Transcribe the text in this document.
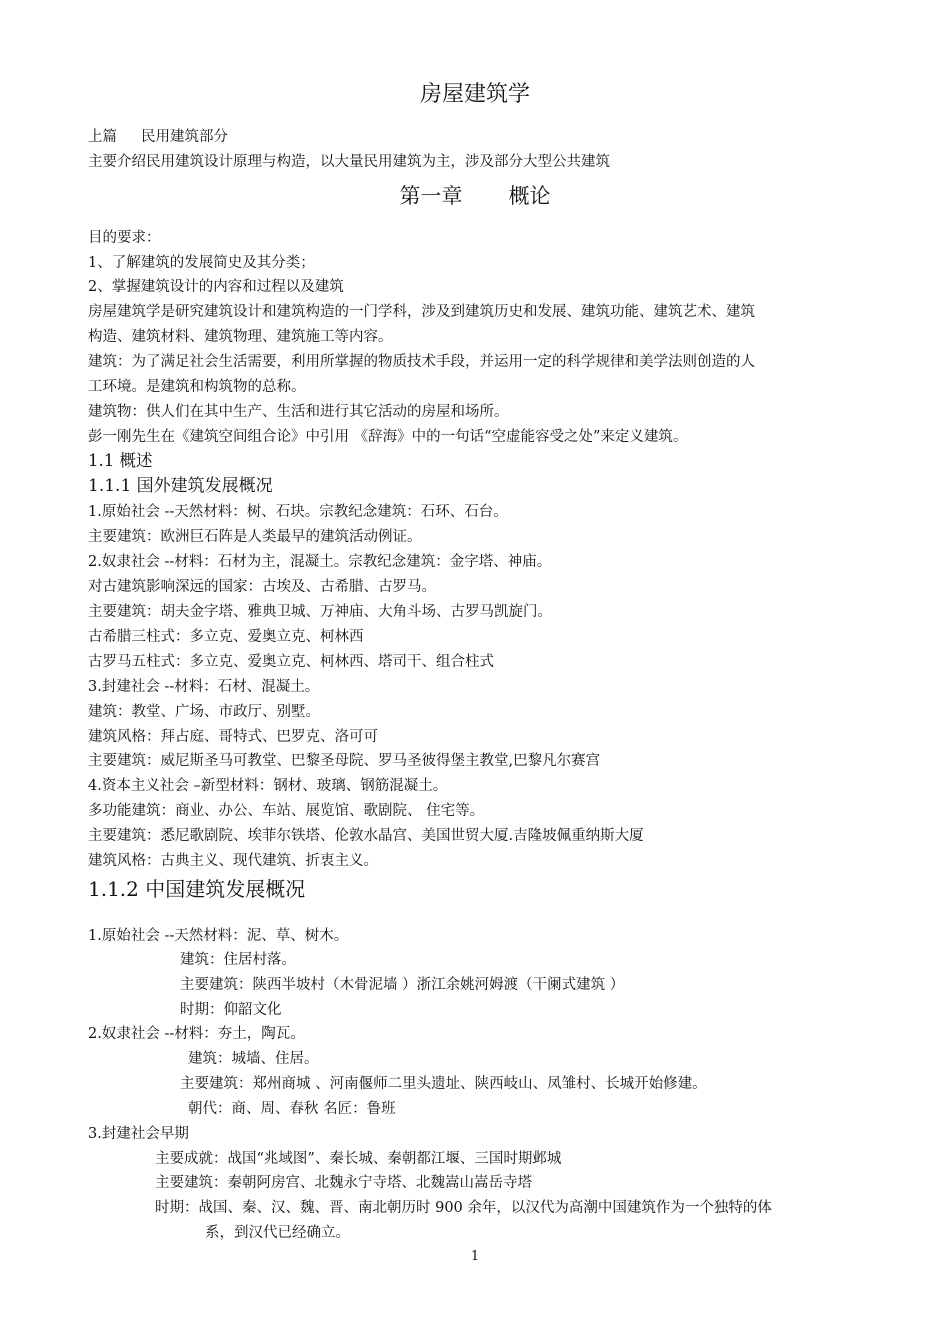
房屋建筑学
上篇 民用建筑部分
主要介绍民用建筑设计原理与构造，以大量民用建筑为主，涉及部分大型公共建筑
第一章 概论
目的要求：
1、了解建筑的发展简史及其分类；
2、掌握建筑设计的内容和过程以及建筑
房屋建筑学是研究建筑设计和建筑构造的一门学科，涉及到建筑历史和发展、建筑功能、建筑艺术、建筑
构造、建筑材料、建筑物理、建筑施工等内容。
建筑：为了满足社会生活需要，利用所掌握的物质技术手段，并运用一定的科学规律和美学法则创造的人
工环境。是建筑和构筑物的总称。
建筑物：供人们在其中生产、生活和进行其它活动的房屋和场所。
彭一刚先生在《建筑空间组合论》中引用 《辞海》中的一句话“空虚能容受之处”来定义建筑。
1.1 概述
1.1.1 国外建筑发展概况
1.原始社会 --天然材料：树、石块。宗教纪念建筑：石环、石台。
主要建筑：欧洲巨石阵是人类最早的建筑活动例证。
2.奴隶社会 --材料：石材为主，混凝土。宗教纪念建筑：金字塔、神庙。
对古建筑影响深远的国家：古埃及、古希腊、古罗马。
主要建筑：胡夫金字塔、雅典卫城、万神庙、大角斗场、古罗马凯旋门。
古希腊三柱式：多立克、爱奥立克、柯林西
古罗马五柱式：多立克、爱奥立克、柯林西、塔司干、组合柱式
3.封建社会 --材料：石材、混凝土。
建筑：教堂、广场、市政厅、别墅。
建筑风格：拜占庭、哥特式、巴罗克、洛可可
主要建筑：威尼斯圣马可教堂、巴黎圣母院、罗马圣彼得堡主教堂,巴黎凡尔赛宫
4.资本主义社会 –新型材料：钢材、玻璃、钢筋混凝土。
多功能建筑：商业、办公、车站、展览馆、歌剧院、 住宅等。
主要建筑：悉尼歌剧院、埃菲尔铁塔、伦敦水晶宫、美国世贸大厦.吉隆坡佩重纳斯大厦
建筑风格：古典主义、现代建筑、折衷主义。
1.1.2 中国建筑发展概况
1.原始社会 --天然材料：泥、草、树木。
建筑：住居村落。
主要建筑：陕西半坡村（木骨泥墙 ）浙江余姚河姆渡（干阑式建筑 ）
时期：仰韶文化
2.奴隶社会 --材料：夯土，陶瓦。
建筑：城墙、住居。
主要建筑：郑州商城 、河南偃师二里头遗址、陕西岐山、凤雏村、长城开始修建。
朝代：商、周、春秋 名匠：鲁班
3.封建社会早期
主要成就：战国“兆域图”、秦长城、秦朝都江堰、三国时期邺城
主要建筑：秦朝阿房宫、北魏永宁寺塔、北魏嵩山嵩岳寺塔
时期：战国、秦、汉、魏、晋、南北朝历时 900 余年，以汉代为高潮中国建筑作为一个独特的体
系，到汉代已经确立。
1
